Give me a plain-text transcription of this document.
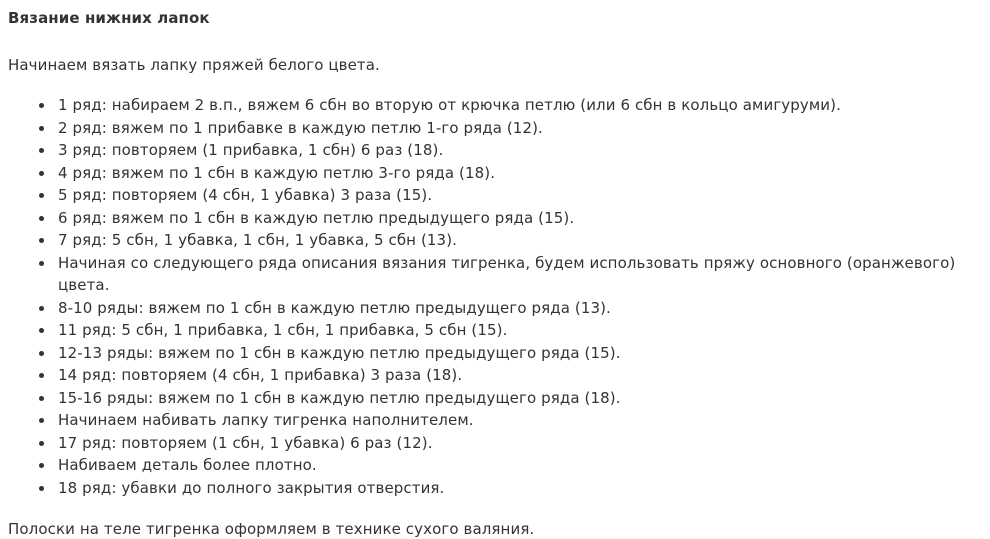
Вязание нижних лапок

Начинаем вязать лапку пряжей белого цвета.

1 ряд: набираем 2 в.п., вяжем 6 сбн во вторую от крючка петлю (или 6 сбн в кольцо амигуруми).
2 ряд: вяжем по 1 прибавке в каждую петлю 1-го ряда (12).
3 ряд: повторяем (1 прибавка, 1 сбн) 6 раз (18).
4 ряд: вяжем по 1 сбн в каждую петлю 3-го ряда (18).
5 ряд: повторяем (4 сбн, 1 убавка) 3 раза (15).
6 ряд: вяжем по 1 сбн в каждую петлю предыдущего ряда (15).
7 ряд: 5 сбн, 1 убавка, 1 сбн, 1 убавка, 5 сбн (13).
Начиная со следующего ряда описания вязания тигренка, будем использовать пряжу основного (оранжевого) цвета.
8-10 ряды: вяжем по 1 сбн в каждую петлю предыдущего ряда (13).
11 ряд: 5 сбн, 1 прибавка, 1 сбн, 1 прибавка, 5 сбн (15).
12-13 ряды: вяжем по 1 сбн в каждую петлю предыдущего ряда (15).
14 ряд: повторяем (4 сбн, 1 прибавка) 3 раза (18).
15-16 ряды: вяжем по 1 сбн в каждую петлю предыдущего ряда (18).
Начинаем набивать лапку тигренка наполнителем.
17 ряд: повторяем (1 сбн, 1 убавка) 6 раз (12).
Набиваем деталь более плотно.
18 ряд: убавки до полного закрытия отверстия.

Полоски на теле тигренка оформляем в технике сухого валяния.
